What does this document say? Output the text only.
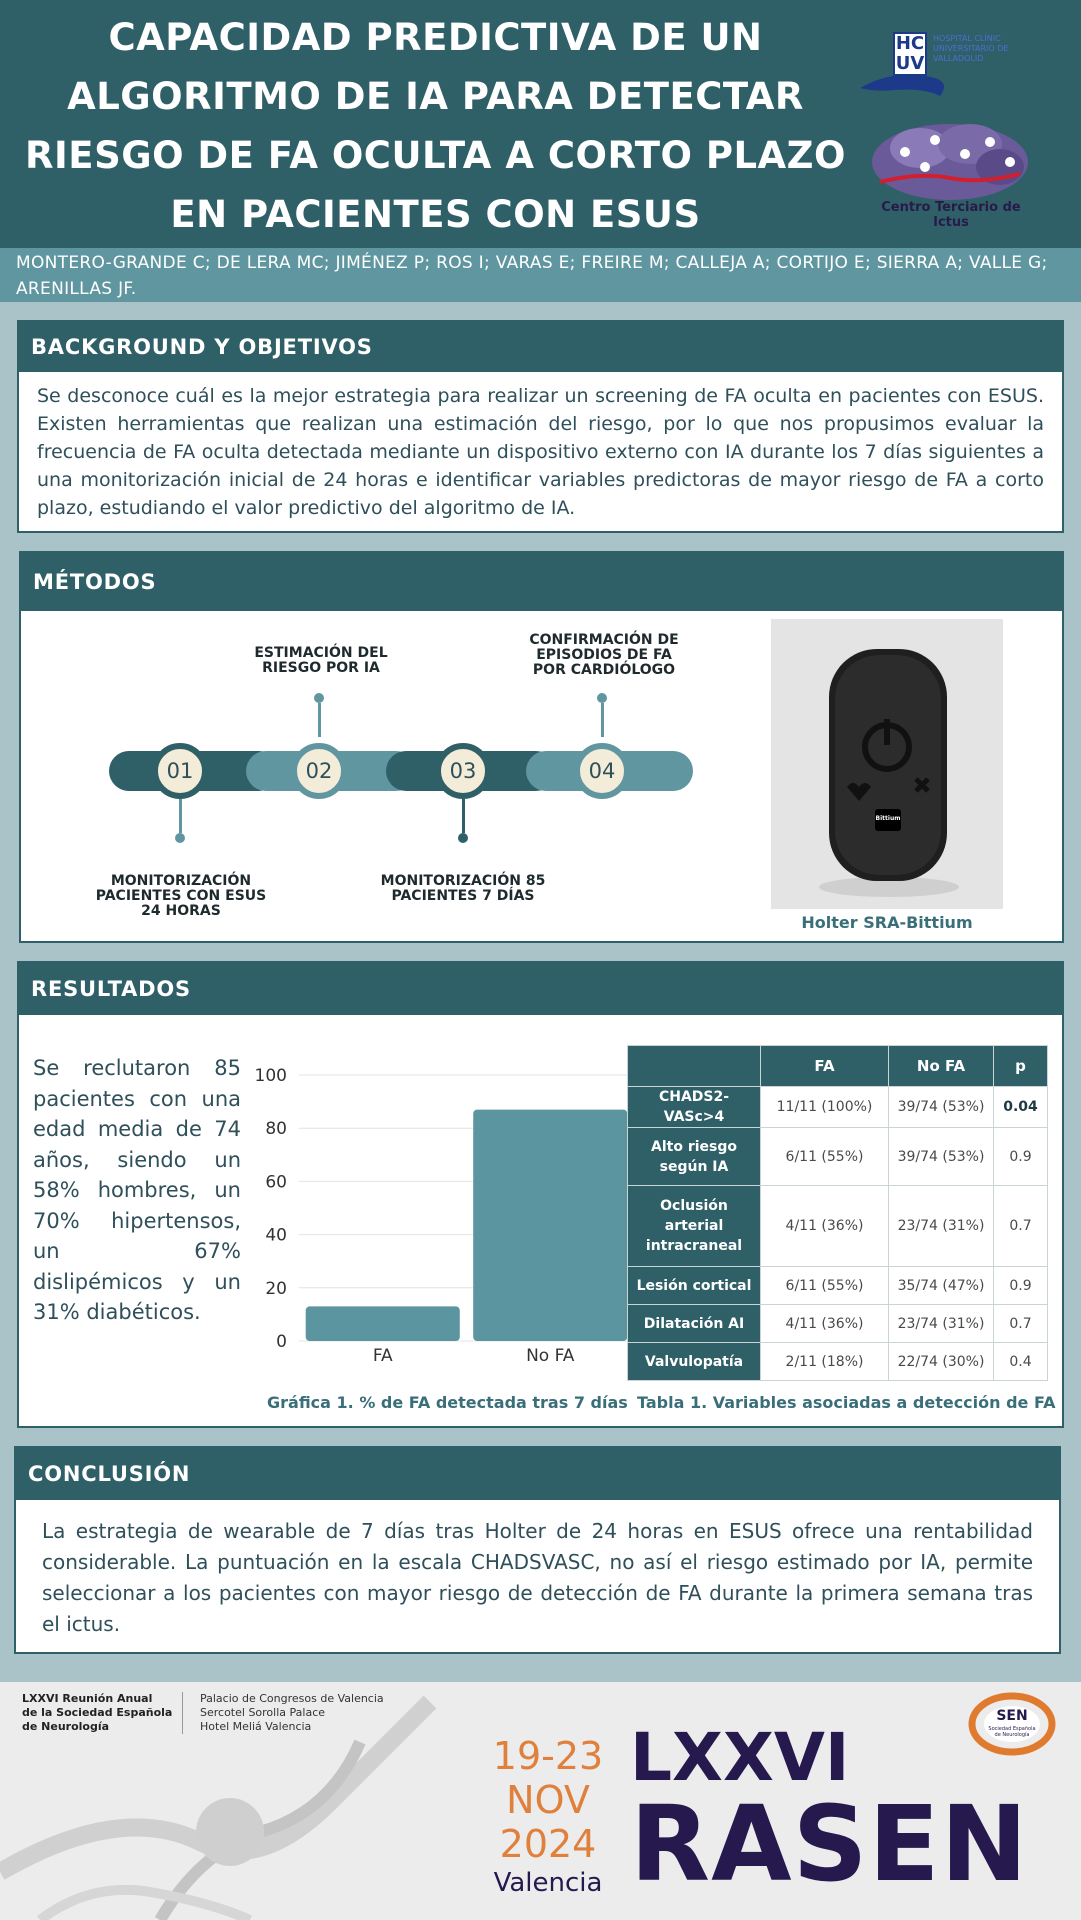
CAPACIDAD PREDICTIVA DE UN
ALGORITMO DE IA PARA DETECTAR
RIESGO DE FA OCULTA A CORTO PLAZO
EN PACIENTES CON ESUS
HC
UV
HOSPITAL CLÍNIC UNIVERSITARIO DE VALLADOLID
Centro Terciario de Ictus
MONTERO-GRANDE C; DE LERA MC; JIMÉNEZ P; ROS I; VARAS E; FREIRE M; CALLEJA A; CORTIJO E; SIERRA A; VALLE G; ARENILLAS JF.
BACKGROUND Y OBJETIVOS
Se desconoce cuál es la mejor estrategia para realizar un screening de FA oculta en pacientes con ESUS. Existen herramientas que realizan una estimación del riesgo, por lo que nos propusimos evaluar la frecuencia de FA oculta detectada mediante un dispositivo externo con IA durante los 7 días siguientes a una monitorización inicial de 24 horas e identificar variables predictoras de mayor riesgo de FA a corto plazo, estudiando el valor predictivo del algoritmo de IA.
MÉTODOS
01	02	03	04
MONITORIZACIÓN
PACIENTES CON ESUS
24 HORAS
ESTIMACIÓN DEL
RIESGO POR IA
MONITORIZACIÓN 85
PACIENTES 7 DÍAS
CONFIRMACIÓN DE
EPISODIOS DE FA
POR CARDIÓLOGO
Bittium
Holter SRA-Bittium
RESULTADOS
Se reclutaron 85 pacientes con una edad media de 74 años, siendo un 58% hombres, un 70% hipertensos, un 67% dislipémicos y un 31% diabéticos.
0
20
40
60
80
100
FA	No FA
Gráfica 1. % de FA detectada tras 7 días
	FA	No FA	p
CHADS2-VASc>4	11/11 (100%)	39/74 (53%)	0.04
Alto riesgo según IA	6/11 (55%)	39/74 (53%)	0.9
Oclusión arterial intracraneal	4/11 (36%)	23/74 (31%)	0.7
Lesión cortical	6/11 (55%)	35/74 (47%)	0.9
Dilatación AI	4/11 (36%)	23/74 (31%)	0.7
Valvulopatía	2/11 (18%)	22/74 (30%)	0.4
Tabla 1. Variables asociadas a detección de FA
CONCLUSIÓN
La estrategia de wearable de 7 días tras Holter de 24 horas en ESUS ofrece una rentabilidad considerable. La puntuación en la escala CHADSVASC, no así el riesgo estimado por IA, permite seleccionar a los pacientes con mayor riesgo de detección de FA durante la primera semana tras el ictus.
LXXVI Reunión Anual
de la Sociedad Española
de Neurología
Palacio de Congresos de Valencia
Sercotel Sorolla Palace
Hotel Meliá Valencia
19-23
NOV
2024
Valencia
LXXVI
RASEN
SEN
Sociedad Española de Neurología
